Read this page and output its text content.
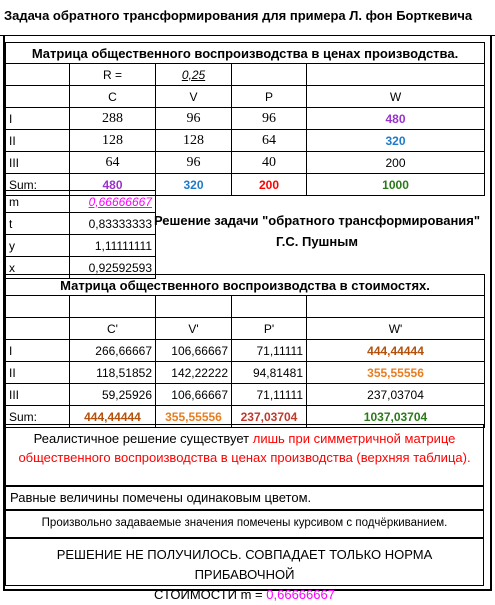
Задача обратного трансформирования для примера Л. фон Борткевича
Матрица общественного воспроизводства в ценах производства.				
	R =	0,25		
	C	V	P	W
I	288	96	96	480
II	128	128	64	320
III	64	96	40	200
Sum:	480	320	200	1000
m	0,66666667
t	0,83333333
y	1,11111111
x	0,92592593
Решение задачи "обратного трансформирования"
Г.С. Пушным
Матрица общественного воспроизводства в стоимостях.				

	C'	V'	P'	W'
I	266,66667	106,66667	71,11111	444,44444
II	118,51852	142,22222	94,81481	355,55556
III	59,25926	106,66667	71,11111	237,03704
Sum:	444,44444	355,55556	237,03704	1037,03704
Реалистичное решение существует лишь при симметричной матрице общественного воспроизводства в ценах производства (верхняя таблица).
Равные величины помечены одинаковым цветом.
Произвольно задаваемые значения помечены курсивом с подчёркиванием.
РЕШЕНИЕ НЕ ПОЛУЧИЛОСЬ. СОВПАДАЕТ ТОЛЬКО НОРМА ПРИБАВОЧНОЙ
СТОИМОСТИ m = 0,66666667
